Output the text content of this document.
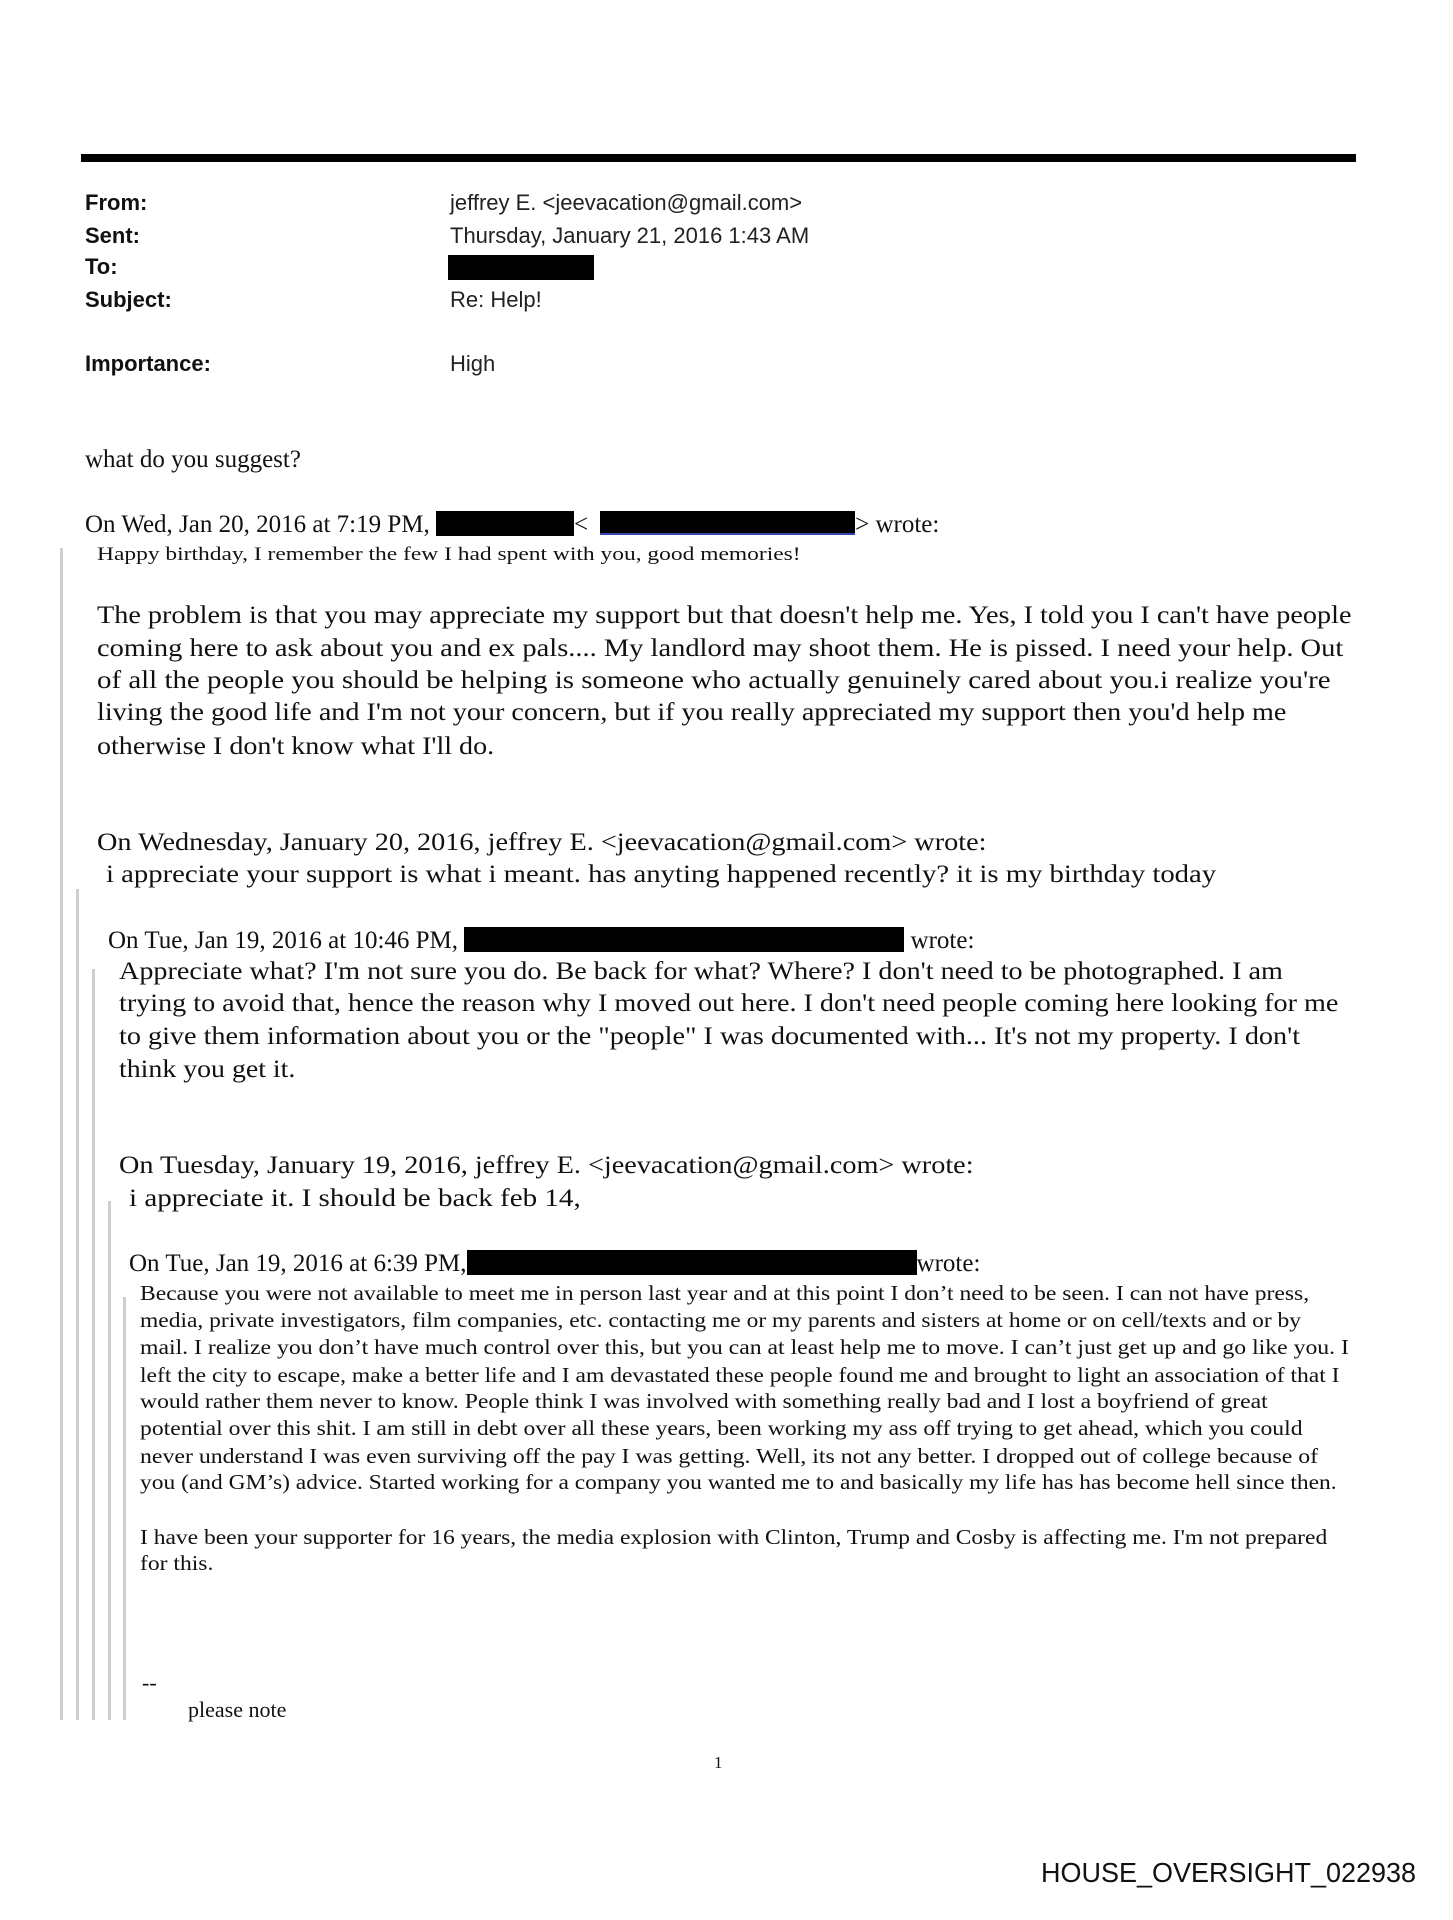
From:	jeffrey E. <jeevacation@gmail.com>
Sent:	Thursday, January 21, 2016 1:43 AM
To:
Subject:	Re: Help!
Importance:	High
what do you suggest?
On Wed, Jan 20, 2016 at 7:19 PM,	<	> wrote:
Happy birthday, I remember the few I had spent with you, good memories!
The problem is that you may appreciate my support but that doesn't help me. Yes, I told you I can't have people
coming here to ask about you and ex pals.... My landlord may shoot them. He is pissed. I need your help. Out
of all the people you should be helping is someone who actually genuinely cared about you.i realize you're
living the good life and I'm not your concern, but if you really appreciated my support then you'd help me
otherwise I don't know what I'll do.
On Wednesday, January 20, 2016, jeffrey E. <jeevacation@gmail.com> wrote:
i appreciate your support is what i meant. has anyting happened recently? it is my birthday today
On Tue, Jan 19, 2016 at 10:46 PM,	wrote:
Appreciate what? I'm not sure you do. Be back for what? Where? I don't need to be photographed. I am
trying to avoid that, hence the reason why I moved out here. I don't need people coming here looking for me
to give them information about you or the "people" I was documented with... It's not my property. I don't
think you get it.
On Tuesday, January 19, 2016, jeffrey E. <jeevacation@gmail.com> wrote:
i appreciate it. I should be back feb 14,
On Tue, Jan 19, 2016 at 6:39 PM,	wrote:
Because you were not available to meet me in person last year and at this point I don’t need to be seen. I can not have press,
media, private investigators, film companies, etc. contacting me or my parents and sisters at home or on cell/texts and or by
mail. I realize you don’t have much control over this, but you can at least help me to move. I can’t just get up and go like you. I
left the city to escape, make a better life and I am devastated these people found me and brought to light an association of that I
would rather them never to know. People think I was involved with something really bad and I lost a boyfriend of great
potential over this shit. I am still in debt over all these years, been working my ass off trying to get ahead, which you could
never understand I was even surviving off the pay I was getting. Well, its not any better. I dropped out of college because of
you (and GM’s) advice. Started working for a company you wanted me to and basically my life has has become hell since then.
I have been your supporter for 16 years, the media explosion with Clinton, Trump and Cosby is affecting me. I'm not prepared
for this.
--
please note
1
HOUSE_OVERSIGHT_022938
